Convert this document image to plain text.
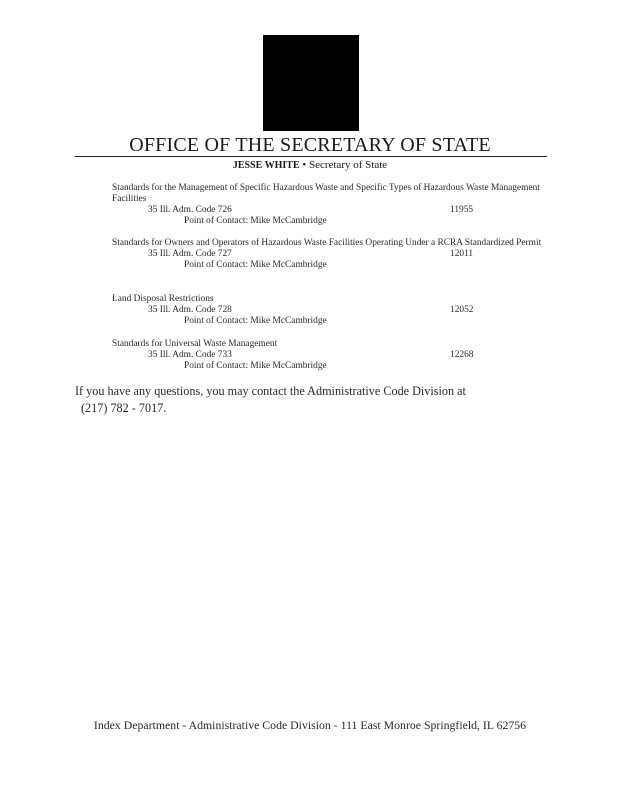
OFFICE OF THE SECRETARY OF STATE
JESSE WHITE • Secretary of State
Standards for the Management of Specific Hazardous Waste and Specific Types of Hazardous Waste Management Facilities
35 Ill. Adm. Code 726	11955
Point of Contact: Mike McCambridge
Standards for Owners and Operators of Hazardous Waste Facilities Operating Under a RCRA Standardized Permit
35 Ill. Adm. Code 727	12011
Point of Contact: Mike McCambridge
Land Disposal Restrictions
35 Ill. Adm. Code 728	12052
Point of Contact: Mike McCambridge
Standards for Universal Waste Management
35 Ill. Adm. Code 733	12268
Point of Contact: Mike McCambridge
If you have any questions, you may contact the Administrative Code Division at
(217) 782 - 7017.
Index Department - Administrative Code Division - 111 East Monroe Springfield, IL 62756
